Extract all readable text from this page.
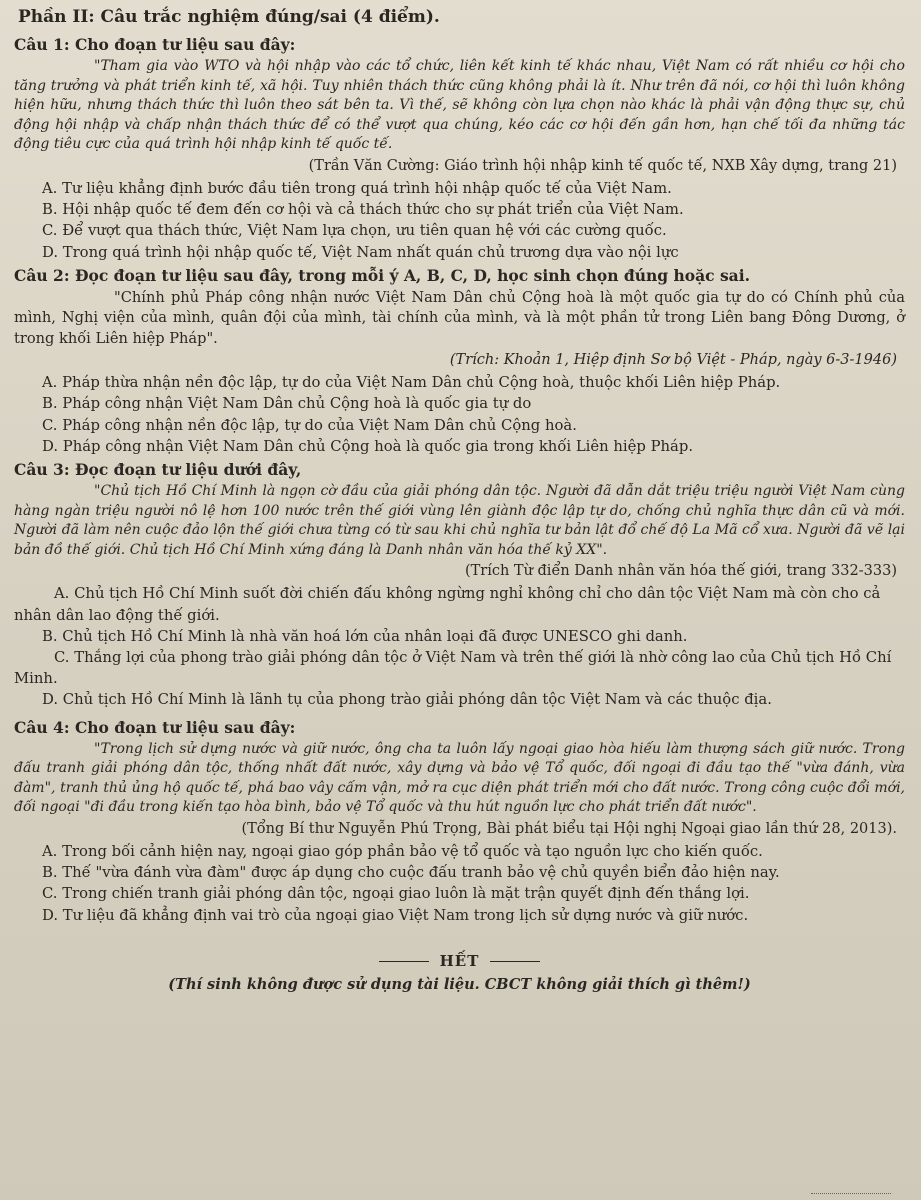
Phần II: Câu trắc nghiệm đúng/sai (4 điểm).
Câu 1: Cho đoạn tư liệu sau đây:
"Tham gia vào WTO và hội nhập vào các tổ chức, liên kết kinh tế khác nhau, Việt Nam có rất nhiều cơ hội cho tăng trưởng và phát triển kinh tế, xã hội. Tuy nhiên thách thức cũng không phải là ít. Như trên đã nói, cơ hội thì luôn không hiện hữu, nhưng thách thức thì luôn theo sát bên ta. Vì thế, sẽ không còn lựa chọn nào khác là phải vận động thực sự, chủ động hội nhập và chấp nhận thách thức để có thể vượt qua chúng, kéo các cơ hội đến gần hơn, hạn chế tối đa những tác động tiêu cực của quá trình hội nhập kinh tế quốc tế.
(Trần Văn Cường: Giáo trình hội nhập kinh tế quốc tế, NXB Xây dựng, trang 21)
A. Tư liệu khẳng định bước đầu tiên trong quá trình hội nhập quốc tế của Việt Nam.
B. Hội nhập quốc tế đem đến cơ hội và cả thách thức cho sự phát triển của Việt Nam.
C. Để vượt qua thách thức, Việt Nam lựa chọn, ưu tiên quan hệ với các cường quốc.
D. Trong quá trình hội nhập quốc tế, Việt Nam nhất quán chủ trương dựa vào nội lực
Câu 2: Đọc đoạn tư liệu sau đây, trong mỗi ý A, B, C, D, học sinh chọn đúng hoặc sai.
"Chính phủ Pháp công nhận nước Việt Nam Dân chủ Cộng hoà là một quốc gia tự do có Chính phủ của mình, Nghị viện của mình, quân đội của mình, tài chính của mình, và là một phần tử trong Liên bang Đông Dương, ở trong khối Liên hiệp Pháp".
(Trích: Khoản 1, Hiệp định Sơ bộ Việt - Pháp, ngày 6-3-1946)
A. Pháp thừa nhận nền độc lập, tự do của Việt Nam Dân chủ Cộng hoà, thuộc khối Liên hiệp Pháp.
B. Pháp công nhận Việt Nam Dân chủ Cộng hoà là quốc gia tự do
C. Pháp công nhận nền độc lập, tự do của Việt Nam Dân chủ Cộng hoà.
D. Pháp công nhận Việt Nam Dân chủ Cộng hoà là quốc gia trong khối Liên hiệp Pháp.
Câu 3: Đọc đoạn tư liệu dưới đây,
"Chủ tịch Hồ Chí Minh là ngọn cờ đầu của giải phóng dân tộc. Người đã dẫn dắt triệu triệu người Việt Nam cùng hàng ngàn triệu người nô lệ hơn 100 nước trên thế giới vùng lên giành độc lập tự do, chống chủ nghĩa thực dân cũ và mới. Người đã làm nên cuộc đảo lộn thế giới chưa từng có từ sau khi chủ nghĩa tư bản lật đổ chế độ La Mã cổ xưa. Người đã vẽ lại bản đồ thế giới. Chủ tịch Hồ Chí Minh xứng đáng là Danh nhân văn hóa thế kỷ XX".
(Trích Từ điển Danh nhân văn hóa thế giới, trang 332-333)
A. Chủ tịch Hồ Chí Minh suốt đời chiến đấu không ngừng nghỉ không chỉ cho dân tộc Việt Nam mà còn cho cả nhân dân lao động thế giới.
B. Chủ tịch Hồ Chí Minh là nhà văn hoá lớn của nhân loại đã được UNESCO ghi danh.
C. Thắng lợi của phong trào giải phóng dân tộc ở Việt Nam và trên thế giới là nhờ công lao của Chủ tịch Hồ Chí Minh.
D. Chủ tịch Hồ Chí Minh là lãnh tụ của phong trào giải phóng dân tộc Việt Nam và các thuộc địa.
Câu 4: Cho đoạn tư liệu sau đây:
"Trong lịch sử dựng nước và giữ nước, ông cha ta luôn lấy ngoại giao hòa hiếu làm thượng sách giữ nước. Trong đấu tranh giải phóng dân tộc, thống nhất đất nước, xây dựng và bảo vệ Tổ quốc, đối ngoại đi đầu tạo thế "vừa đánh, vừa đàm", tranh thủ ủng hộ quốc tế, phá bao vây cấm vận, mở ra cục diện phát triển mới cho đất nước. Trong công cuộc đổi mới, đối ngoại "đi đầu trong kiến tạo hòa bình, bảo vệ Tổ quốc và thu hút nguồn lực cho phát triển đất nước".
(Tổng Bí thư Nguyễn Phú Trọng, Bài phát biểu tại Hội nghị Ngoại giao lần thứ 28, 2013).
A. Trong bối cảnh hiện nay, ngoại giao góp phần bảo vệ tổ quốc và tạo nguồn lực cho kiến quốc.
B. Thế "vừa đánh vừa đàm" được áp dụng cho cuộc đấu tranh bảo vệ chủ quyền biển đảo hiện nay.
C. Trong chiến tranh giải phóng dân tộc, ngoại giao luôn là mặt trận quyết định đến thắng lợi.
D. Tư liệu đã khẳng định vai trò của ngoại giao Việt Nam trong lịch sử dựng nước và giữ nước.
HẾT
(Thí sinh không được sử dụng tài liệu. CBCT không giải thích gì thêm!)
